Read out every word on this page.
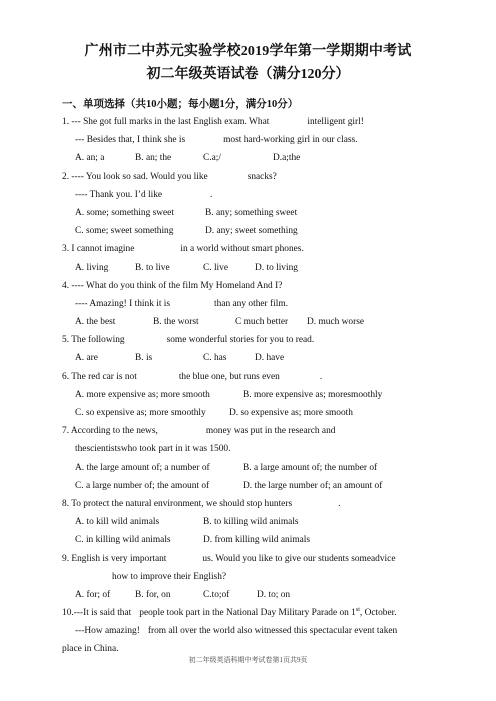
广州市二中苏元实验学校2019学年第一学期期中考试
初二年级英语试卷（满分120分）
一、单项选择（共10小题；每小题1分，满分10分）
1. --- She got full marks in the last English exam. What	intelligent girl!
--- Besides that, I think she is	most hard-working girl in our class.
A. an; a	B. an; the	C.a;/	D.a;the
2. ---- You look so sad. Would you like	snacks?
---- Thank you. I’d like	.
A. some; something sweet	B. any; something sweet
C. some; sweet something	D. any; sweet something
3. I cannot imagine	in a world without smart phones.
A. living	B. to live	C. live	D. to living
4. ---- What do you think of the film My Homeland And I?
---- Amazing! I think it is	than any other film.
A. the best	B. the worst	C much better D. much worse
5. The following	some wonderful stories for you to read.
A. are	B. is	C. has	D. have
6. The red car is not	the blue one, but runs even	.
A. more expensive as; more smooth	B. more expensive as; moresmoothly
C. so expensive as; more smoothly D. so expensive as; more smooth
7. According to the news,	money was put in the research and
thescientistswho took part in it was 1500.
A. the large amount of; a number of	B. a large amount of; the number of
C. a large number of; the amount of	D. the large number of; an amount of
8. To protect the natural environment, we should stop hunters	.
A. to kill wild animals	B. to killing wild animals
C. in killing wild animals	D. from killing wild animals
9. English is very important	us. Would you like to give our students someadvice
how to improve their English?
A. for; of	B. for, on	C.to;of	D. to; on
10.---It is said that people took part in the National Day Military Parade on 1st, October.
---How amazing! from all over the world also witnessed this spectacular event taken
place in China.
初二年级英语科期中考试卷第1页共9页
